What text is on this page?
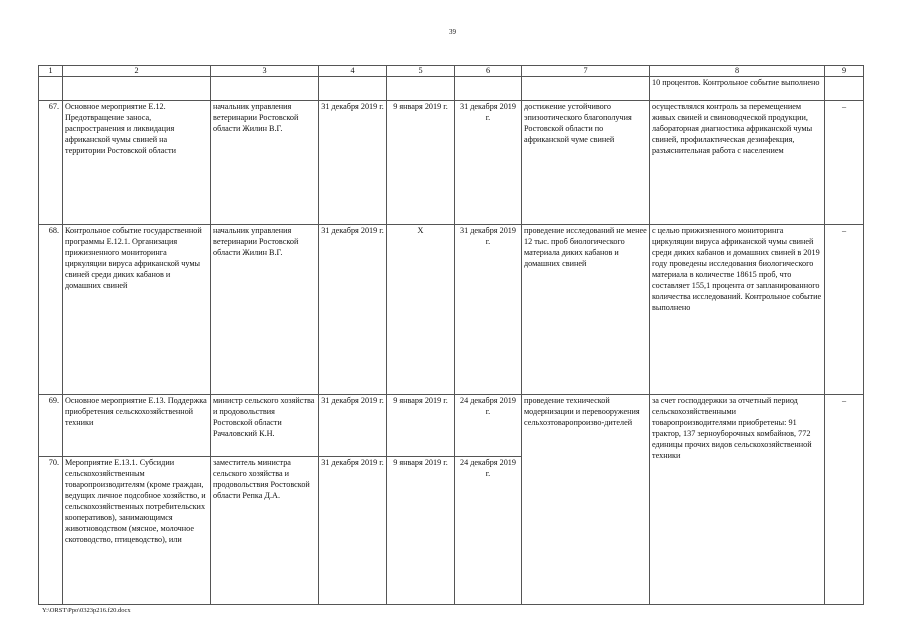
39
1	2	3	4	5	6	7	8	9
							10 процентов. Контрольное событие выполнено	
67.	Основное мероприятие Е.12. Предотвращение заноса, распространения и ликвидация африканской чумы свиней на территории Ростовской области	начальник управления ветеринарии Ростовской области Жилин В.Г.	31 декабря 2019 г.	9 января 2019 г.	31 декабря 2019 г.	достижение устойчивого эпизоотического благополучия Ростовской области по африканской чуме свиней	осуществлялся контроль за перемещением живых свиней и свиноводческой продукции, лабораторная диагностика африканской чумы свиней, профилактическая дезинфекция, разъяснительная работа с населением	–
68.	Контрольное событие государственной программы Е.12.1. Организация прижизненного мониторинга циркуляции вируса африканской чумы свиней среди диких кабанов и домашних свиней	начальник управления ветеринарии Ростовской области Жилин В.Г.	31 декабря 2019 г.	Х	31 декабря 2019 г.	проведение исследований не менее 12 тыс. проб биологического материала диких кабанов и домашних свиней	с целью прижизненного мониторинга циркуляции вируса африканской чумы свиней среди диких кабанов и домашних свиней в 2019 году проведены исследования биологического материала в количестве 18615 проб, что составляет 155,1 процента от запланированного количества исследований. Контрольное событие выполнено	–
69.	Основное мероприятие Е.13. Поддержка приобретения сельскохозяйственной техники	министр сельского хозяйства и продовольствия Ростовской области Рачаловский К.Н.	31 декабря 2019 г.	9 января 2019 г.	24 декабря 2019 г.	проведение технической модернизации и перевооружения сельхозтоваропроизво-дителей	за счет господдержки за отчетный период сельскохозяйственными товаропроизводителями приобретены: 91 трактор, 137 зерноуборочных комбайнов, 772 единицы прочих видов сельскохозяйственной техники	–
70.	Мероприятие Е.13.1. Субсидии сельскохозяйственным товаропроизводителям (кроме граждан, ведущих личное подсобное хозяйство, и сельскохозяйственных потребительских кооперативов), занимающимся животноводством (мясное, молочное скотоводство, птицеводство), или	заместитель министра сельского хозяйства и продовольствия Ростовской области Репка Д.А.	31 декабря 2019 г.	9 января 2019 г.	24 декабря 2019 г.			
Y:\ORST\Ppo\0323p216.f20.docx
